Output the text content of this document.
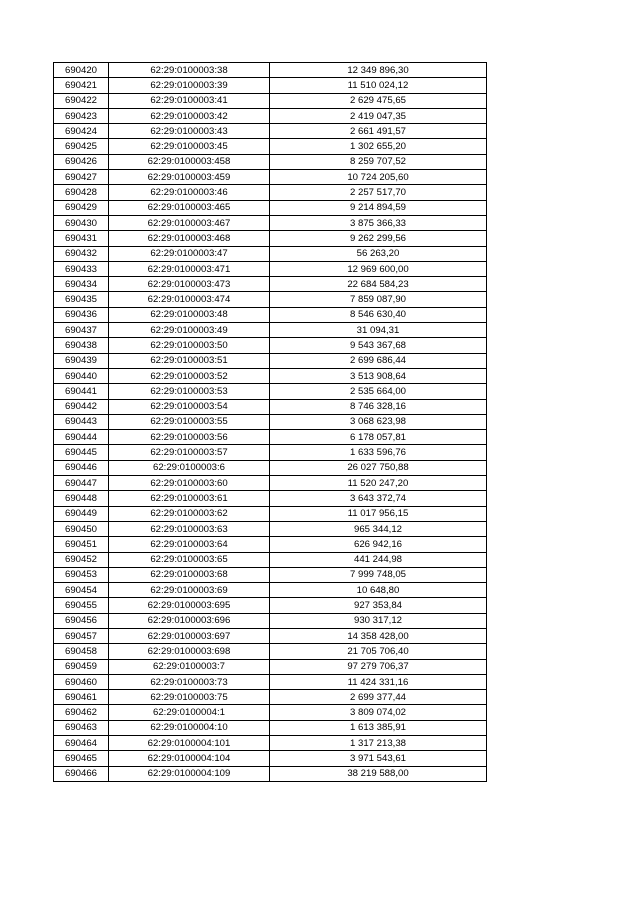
690420	62:29:0100003:38	12 349 896,30
690421	62:29:0100003:39	11 510 024,12
690422	62:29:0100003:41	2 629 475,65
690423	62:29:0100003:42	2 419 047,35
690424	62:29:0100003:43	2 661 491,57
690425	62:29:0100003:45	1 302 655,20
690426	62:29:0100003:458	8 259 707,52
690427	62:29:0100003:459	10 724 205,60
690428	62:29:0100003:46	2 257 517,70
690429	62:29:0100003:465	9 214 894,59
690430	62:29:0100003:467	3 875 366,33
690431	62:29:0100003:468	9 262 299,56
690432	62:29:0100003:47	56 263,20
690433	62:29:0100003:471	12 969 600,00
690434	62:29:0100003:473	22 684 584,23
690435	62:29:0100003:474	7 859 087,90
690436	62:29:0100003:48	8 546 630,40
690437	62:29:0100003:49	31 094,31
690438	62:29:0100003:50	9 543 367,68
690439	62:29:0100003:51	2 699 686,44
690440	62:29:0100003:52	3 513 908,64
690441	62:29:0100003:53	2 535 664,00
690442	62:29:0100003:54	8 746 328,16
690443	62:29:0100003:55	3 068 623,98
690444	62:29:0100003:56	6 178 057,81
690445	62:29:0100003:57	1 633 596,76
690446	62:29:0100003:6	26 027 750,88
690447	62:29:0100003:60	11 520 247,20
690448	62:29:0100003:61	3 643 372,74
690449	62:29:0100003:62	11 017 956,15
690450	62:29:0100003:63	965 344,12
690451	62:29:0100003:64	626 942,16
690452	62:29:0100003:65	441 244,98
690453	62:29:0100003:68	7 999 748,05
690454	62:29:0100003:69	10 648,80
690455	62:29:0100003:695	927 353,84
690456	62:29:0100003:696	930 317,12
690457	62:29:0100003:697	14 358 428,00
690458	62:29:0100003:698	21 705 706,40
690459	62:29:0100003:7	97 279 706,37
690460	62:29:0100003:73	11 424 331,16
690461	62:29:0100003:75	2 699 377,44
690462	62:29:0100004:1	3 809 074,02
690463	62:29:0100004:10	1 613 385,91
690464	62:29:0100004:101	1 317 213,38
690465	62:29:0100004:104	3 971 543,61
690466	62:29:0100004:109	38 219 588,00
